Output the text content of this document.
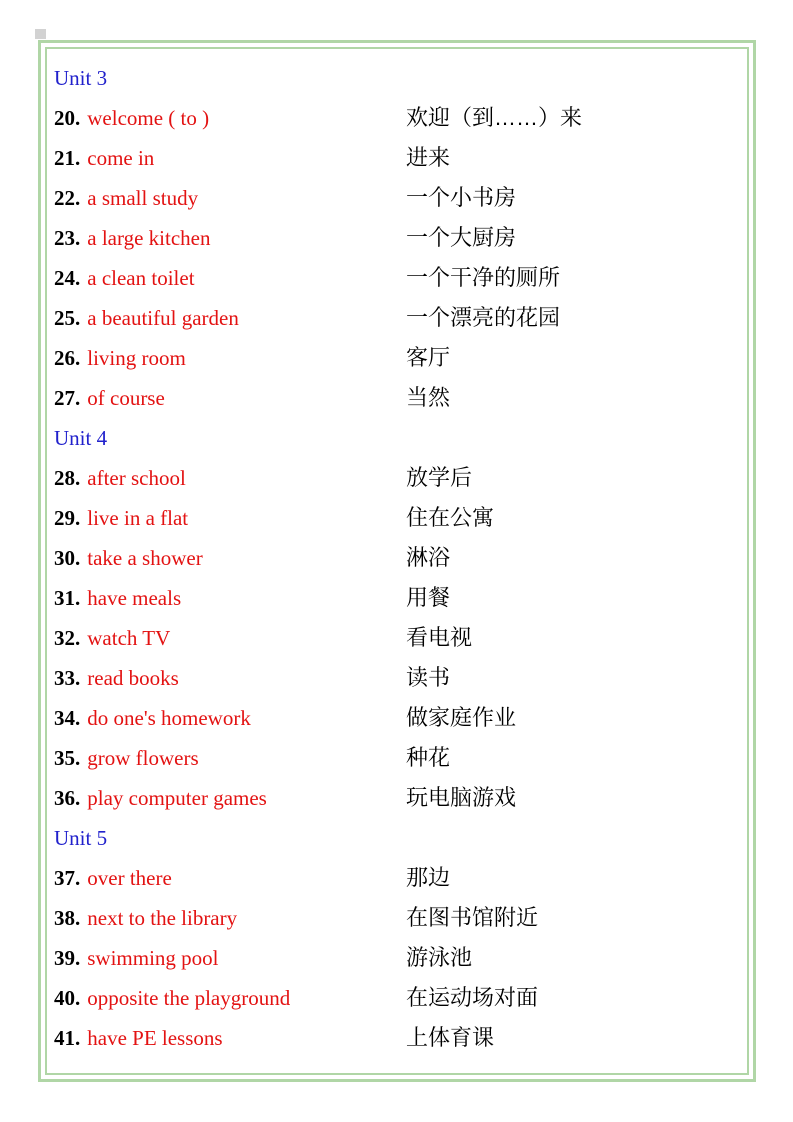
Unit 3
20. welcome ( to )	欢迎（到……）来
21. come in	进来
22. a small study	一个小书房
23. a large kitchen	一个大厨房
24. a clean toilet	一个干净的厕所
25. a beautiful garden	一个漂亮的花园
26. living room	客厅
27. of course	当然
Unit 4
28. after school	放学后
29. live in a flat	住在公寓
30. take a shower	淋浴
31. have meals	用餐
32. watch TV	看电视
33. read books	读书
34. do one's homework	做家庭作业
35. grow flowers	种花
36. play computer games	玩电脑游戏
Unit 5
37. over there	那边
38. next to the library	在图书馆附近
39. swimming pool	游泳池
40. opposite the playground	在运动场对面
41. have PE lessons	上体育课
